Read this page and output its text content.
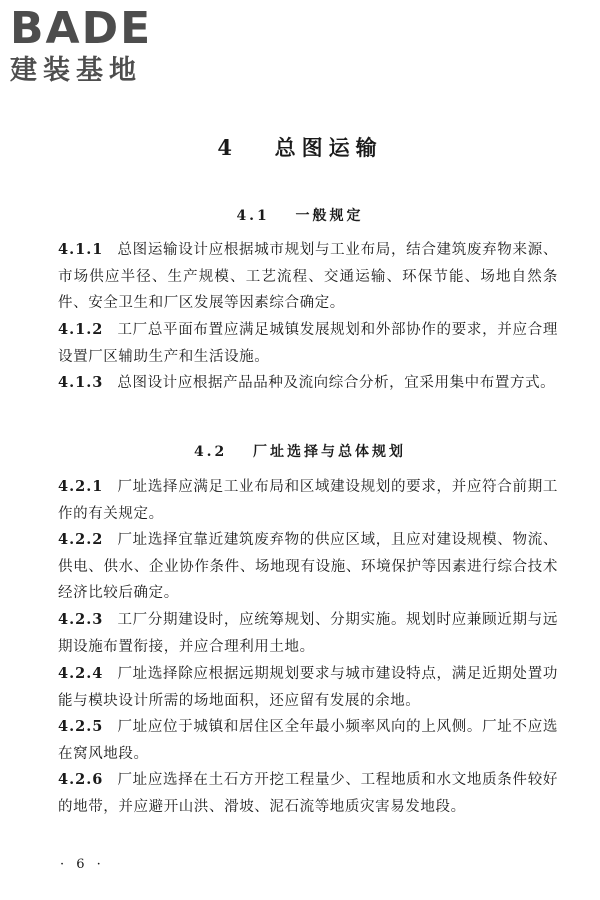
BADE
建装基地
4 总图运输
4.1 一般规定
4.1.1 总图运输设计应根据城市规划与工业布局，结合建筑废弃物来源、市场供应半径、生产规模、工艺流程、交通运输、环保节能、场地自然条件、安全卫生和厂区发展等因素综合确定。
4.1.2 工厂总平面布置应满足城镇发展规划和外部协作的要求，并应合理设置厂区辅助生产和生活设施。
4.1.3 总图设计应根据产品品种及流向综合分析，宜采用集中布置方式。
4.2 厂址选择与总体规划
4.2.1 厂址选择应满足工业布局和区域建设规划的要求，并应符合前期工作的有关规定。
4.2.2 厂址选择宜靠近建筑废弃物的供应区域，且应对建设规模、物流、供电、供水、企业协作条件、场地现有设施、环境保护等因素进行综合技术经济比较后确定。
4.2.3 工厂分期建设时，应统筹规划、分期实施。规划时应兼顾近期与远期设施布置衔接，并应合理利用土地。
4.2.4 厂址选择除应根据远期规划要求与城市建设特点，满足近期处置功能与模块设计所需的场地面积，还应留有发展的余地。
4.2.5 厂址应位于城镇和居住区全年最小频率风向的上风侧。厂址不应选在窝风地段。
4.2.6 厂址应选择在土石方开挖工程量少、工程地质和水文地质条件较好的地带，并应避开山洪、滑坡、泥石流等地质灾害易发地段。
· 6 ·
